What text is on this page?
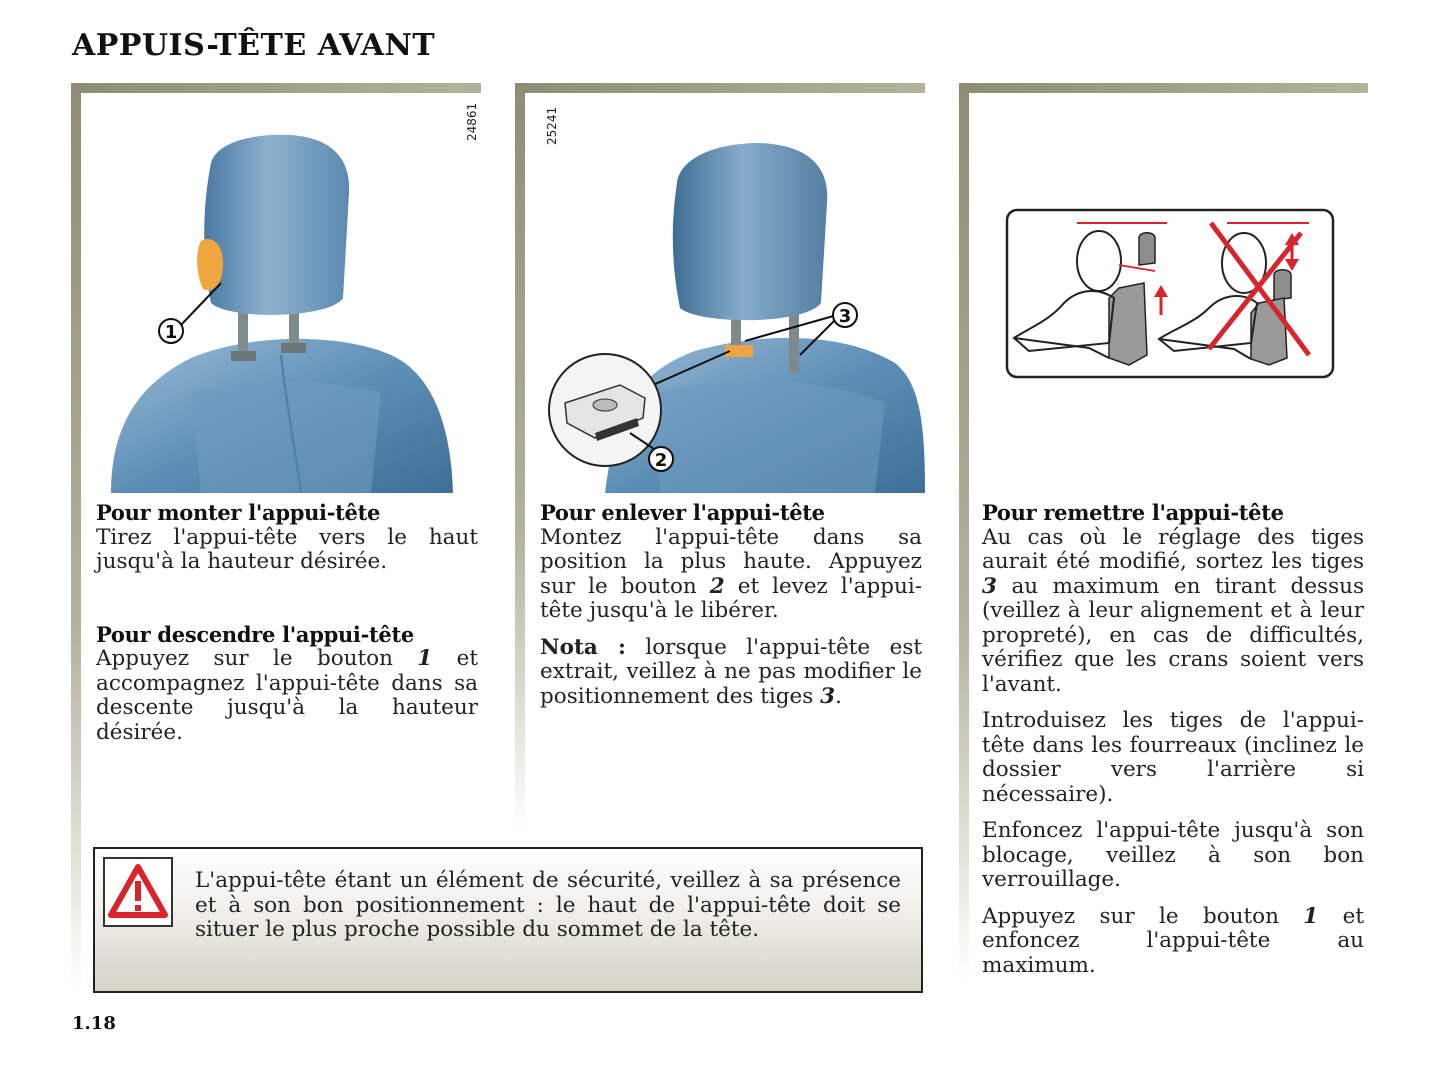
APPUIS-TÊTE AVANT
24861
1
Pour monter l'appui-tête

Tirez l'appui-tête vers le haut jusqu'à la hauteur désirée.

Pour descendre l'appui-tête

Appuyez sur le bouton 1 et accompagnez l'appui-tête dans sa descente jusqu'à la hauteur désirée.

25241
3
2
Pour enlever l'appui-tête

Montez l'appui-tête dans sa position la plus haute. Appuyez sur le bouton 2 et levez l'appui-tête jusqu'à le libérer.

Nota : lorsque l'appui-tête est extrait, veillez à ne pas modifier le positionnement des tiges 3.

Pour remettre l'appui-tête

Au cas où le réglage des tiges aurait été modifié, sortez les tiges 3 au maximum en tirant dessus (veillez à leur alignement et à leur propreté), en cas de difficultés, vérifiez que les crans soient vers l'avant.

Introduisez les tiges de l'appui-tête dans les fourreaux (inclinez le dossier vers l'arrière si nécessaire).

Enfoncez l'appui-tête jusqu'à son blocage, veillez à son bon verrouillage.

Appuyez sur le bouton 1 et enfoncez l'appui-tête au maximum.

L'appui-tête étant un élément de sécurité, veillez à sa présence et à son bon positionnement : le haut de l'appui-tête doit se situer le plus proche possible du sommet de la tête.
1.18
